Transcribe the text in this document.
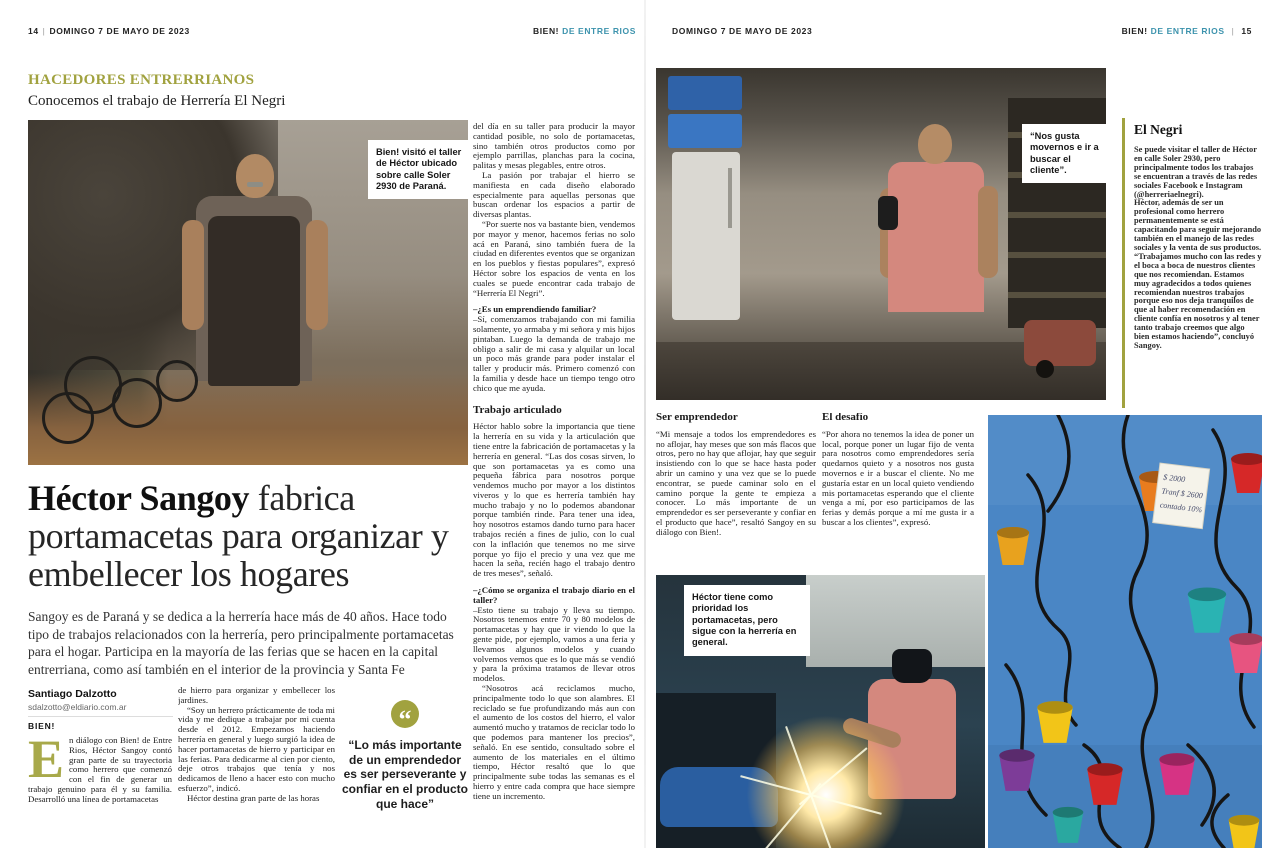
14 | DOMINGO 7 DE MAYO DE 2023	BIEN! DE ENTRE RIOS
HACEDORES ENTRERRIANOS
Conocemos el trabajo de Herrería El Negri
Bien! visitó el taller de Héctor ubicado sobre calle Soler 2930 de Paraná.

del día en su taller para producir la mayor cantidad posible, no solo de portamacetas, sino también otros productos como por ejemplo parrillas, planchas para la cocina, palitas y mesas plegables, entre otros.

La pasión por trabajar el hierro se manifiesta en cada diseño elaborado especialmente para aquellas personas que buscan ordenar los espacios a partir de diversas plantas.

“Por suerte nos va bastante bien, vendemos por mayor y menor, hacemos ferias no solo acá en Paraná, sino también fuera de la ciudad en diferentes eventos que se organizan en los pueblos y fiestas populares”, expresó Héctor sobre los espacios de venta en los cuales se puede encontrar cada trabajo de “Herrería El Negri”.

–¿Es un emprendiendo familiar?

–Sí, comenzamos trabajando con mi familia solamente, yo armaba y mi señora y mis hijos pintaban. Luego la demanda de trabajo me obligo a salir de mi casa y alquilar un local un poco más grande para poder instalar el taller y producir más. Primero comenzó con la familia y desde hace un tiempo tengo otro chico que me ayuda.

Trabajo articulado

Héctor hablo sobre la importancia que tiene la herrería en su vida y la articulación que tiene entre la fabricación de portamacetas y la herrería en general. “Las dos cosas sirven, lo que son portamacetas ya es como una pequeña fábrica para nosotros porque vendemos mucho por mayor a los distintos viveros y lo que es herrería también hay mucho trabajo y no lo podemos abandonar porque también rinde. Para tener una idea, hoy nosotros estamos dando turno para hacer trabajos recién a fines de julio, con lo cual con la inflación que tenemos no me sirve porque yo fijo el precio y una vez que me hacen la seña, recién hago el trabajo dentro de tres meses”, señaló.

–¿Cómo se organiza el trabajo diario en el taller?

–Esto tiene su trabajo y lleva su tiempo. Nosotros tenemos entre 70 y 80 modelos de portamacetas y hay que ir viendo lo que la gente pide, por ejemplo, vamos a una feria y llevamos algunos modelos y cuando volvemos vemos que es lo que más se vendió y para la próxima tratamos de llevar otros modelos.

“Nosotros acá reciclamos mucho, principalmente todo lo que son alambres. El reciclado se fue profundizando más aun con el aumento de los costos del hierro, el valor aumentó mucho y tratamos de reciclar todo lo que podemos para mantener los precios”, señaló. En ese sentido, consultado sobre el aumento de los materiales en el último tiempo, Héctor resaltó que lo que principalmente sube todas las semanas es el hierro y entre cada compra que hace siempre tiene un incremento.

Héctor Sangoy fabrica portamacetas para organizar y embellecer los hogares

Sangoy es de Paraná y se dedica a la herrería hace más de 40 años. Hace todo tipo de trabajos relacionados con la herrería, pero principalmente portamacetas para el hogar. Participa en la mayoría de las ferias que se hacen en la capital entrerriana, como así también en el interior de la provincia y Santa Fe

Santiago Dalzotto
sdalzotto@eldiario.com.ar
BIEN!
En diálogo con Bien! de Entre Rios, Héctor Sangoy contó gran parte de su trayectoria como herrero que comenzó con el fin de generar un trabajo genuino para él y su familia. Desarrolló una línea de portamacetas

de hierro para organizar y embellecer los jardines.

“Soy un herrero prácticamente de toda mi vida y me dedique a trabajar por mi cuenta desde el 2012. Empezamos haciendo herrería en general y luego surgió la idea de hacer portamacetas de hierro y participar en las ferias. Para dedicarme al cien por ciento, deje otros trabajos que tenía y nos dedicamos de lleno a hacer esto con mucho esfuerzo”, indicó.

Héctor destina gran parte de las horas

“
“Lo más importante de un emprendedor es ser perseverante y confiar en el producto que hace”
DOMINGO 7 DE MAYO DE 2023	BIEN! DE ENTRE RIOS | 15
“Nos gusta movernos e ir a buscar el cliente”.
El Negri

Se puede visitar el taller de Héctor en calle Soler 2930, pero principalmente todos los trabajos se encuentran a través de las redes sociales Facebook e Instagram (@herreriaelnegri).

Héctor, además de ser un profesional como herrero permanentemente se está capacitando para seguir mejorando también en el manejo de las redes sociales y la venta de sus productos.

“Trabajamos mucho con las redes y el boca a boca de nuestros clientes que nos recomiendan. Estamos muy agradecidos a todos quienes recomiendan nuestros trabajos porque eso nos deja tranquilos de que al haber recomendación en cliente confía en nosotros y al tener tanto trabajo creemos que algo bien estamos haciendo”, concluyó Sangoy.

Ser emprendedor

“Mi mensaje a todos los emprendedores es no aflojar, hay meses que son más flacos que otros, pero no hay que aflojar, hay que seguir insistiendo con lo que se hace hasta poder abrir un camino y una vez que se lo puede encontrar, se puede caminar solo en el camino porque la gente te empieza a conocer. Lo más importante de un emprendedor es ser perseverante y confiar en el producto que hace”, resaltó Sangoy en su diálogo con Bien!.

El desafío

“Por ahora no tenemos la idea de poner un local, porque poner un lugar fijo de venta para nosotros como emprendedores sería quedarnos quieto y a nosotros nos gusta movernos e ir a buscar el cliente. No me gustaría estar en un local quieto vendiendo mis portamacetas esperando que el cliente venga a mí, por eso participamos de las ferias y demás porque a mí me gusta ir a buscar a los clientes”, expresó.

Héctor tiene como prioridad los portamacetas, pero sigue con la herrería en general.
$ 2000
Tranf $ 2600
contado 10%
